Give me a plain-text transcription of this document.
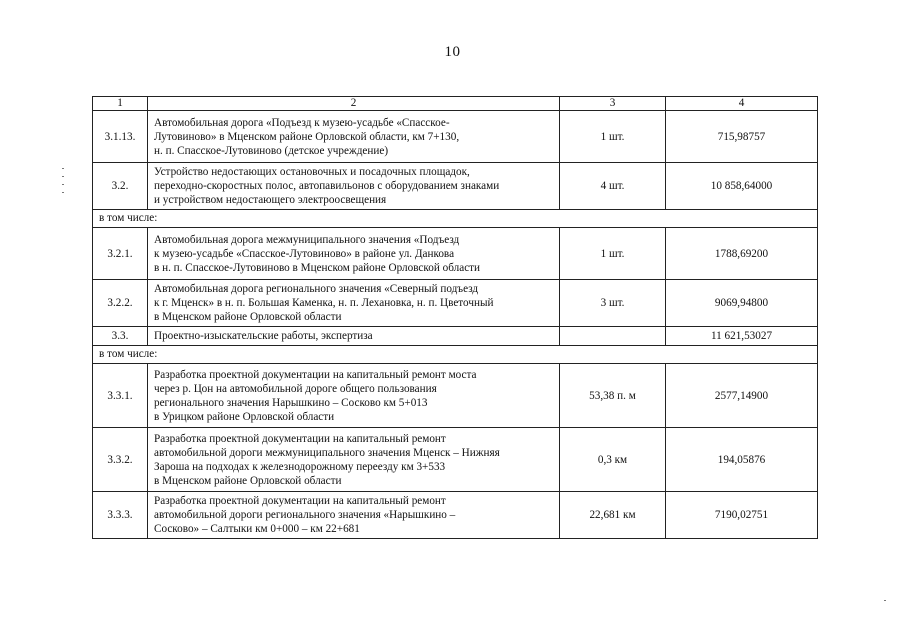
10
1	2	3	4
3.1.13.	Автомобильная дорога «Подъезд к музею-усадьбе «Спасское-
Лутовиново» в Мценском районе Орловской области, км 7+130,
н. п. Спасское-Лутовиново (детское учреждение)	1 шт.	715,98757
3.2.	Устройство недостающих остановочных и посадочных площадок,
переходно-скоростных полос, автопавильонов с оборудованием знаками
и устройством недостающего электроосвещения	4 шт.	10 858,64000
в том числе:			
3.2.1.	Автомобильная дорога межмуниципального значения «Подъезд
к музею-усадьбе «Спасское-Лутовиново» в районе ул. Данкова
в н. п. Спасское-Лутовиново в Мценском районе Орловской области	1 шт.	1788,69200
3.2.2.	Автомобильная дорога регионального значения «Северный подъезд
к г. Мценск» в н. п. Большая Каменка, н. п. Лехановка, н. п. Цветочный
в Мценском районе Орловской области	3 шт.	9069,94800
3.3.	Проектно-изыскательские работы, экспертиза		11 621,53027
в том числе:			
3.3.1.	Разработка проектной документации на капитальный ремонт моста
через р. Цон на автомобильной дороге общего пользования
регионального значения Нарышкино – Сосково км 5+013
в Урицком районе Орловской области	53,38 п. м	2577,14900
3.3.2.	Разработка проектной документации на капитальный ремонт
автомобильной дороги межмуниципального значения Мценск – Нижняя
Зароша на подходах к железнодорожному переезду км 3+533
в Мценском районе Орловской области	0,3 км	194,05876
3.3.3.	Разработка проектной документации на капитальный ремонт
автомобильной дороги регионального значения «Нарышкино –
Сосково» – Салтыки км 0+000 – км 22+681	22,681 км	7190,02751
